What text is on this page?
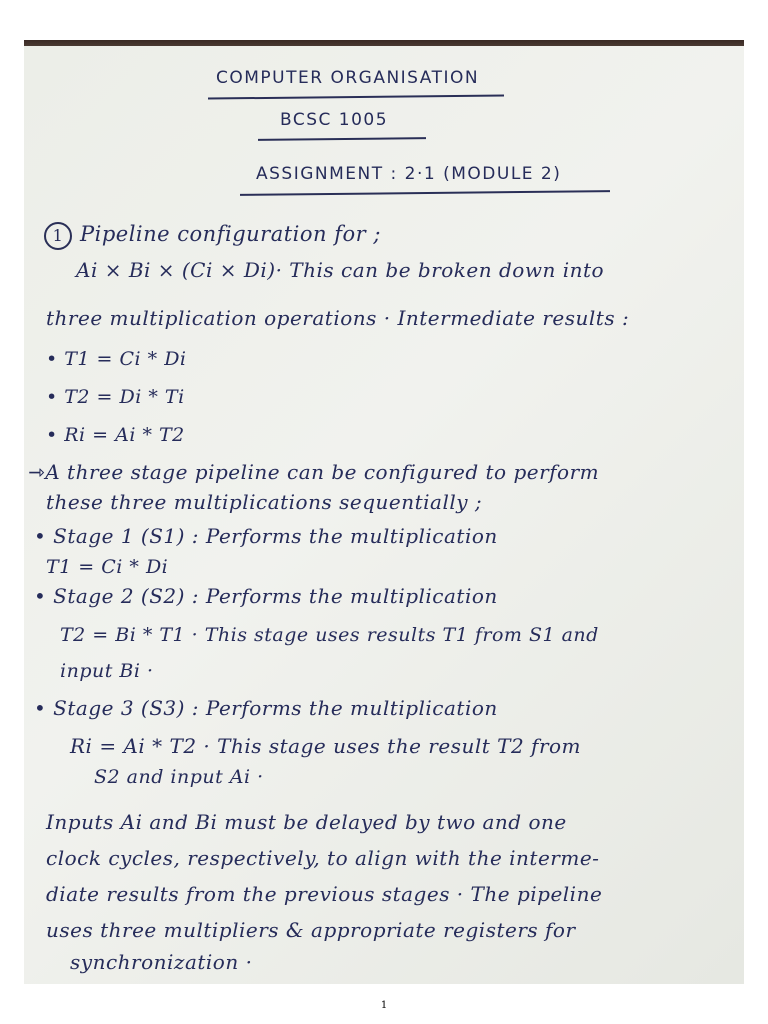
COMPUTER ORGANISATION
BCSC 1005
ASSIGNMENT : 2·1 (MODULE 2)
1 Pipeline configuration for ;
Ai × Bi × (Ci × Di)· This can be broken down into
three multiplication operations · Intermediate results :
• T1 = Ci * Di
• T2 = Di * Ti
• Ri = Ai * T2
⇾A three stage pipeline can be configured to perform
these three multiplications sequentially ;
• Stage 1 (S1) : Performs the multiplication
T1 = Ci * Di
• Stage 2 (S2) : Performs the multiplication
T2 = Bi * T1 · This stage uses results T1 from S1 and
input Bi ·
• Stage 3 (S3) : Performs the multiplication
Ri = Ai * T2 · This stage uses the result T2 from
S2 and input Ai ·
Inputs Ai and Bi must be delayed by two and one
clock cycles, respectively, to align with the interme-
diate results from the previous stages · The pipeline
uses three multipliers & appropriate registers for
synchronization ·
1
